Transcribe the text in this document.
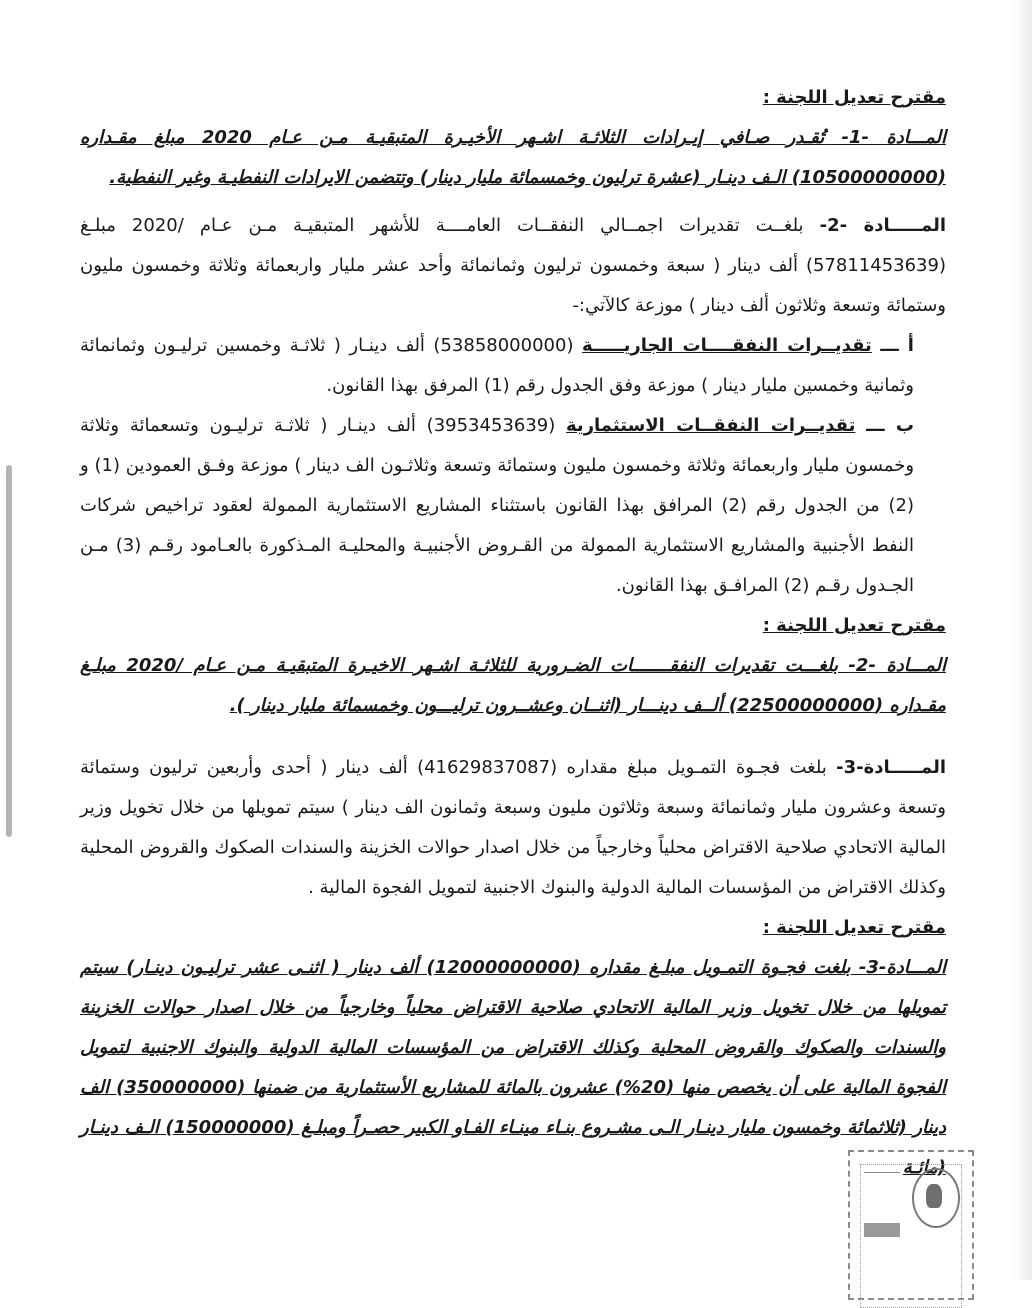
مقترح تعديل اللجنة :

المـــادة -1- تُقـدر صـافي إيـرادات الثلاثـة اشـهر الأخيـرة المتبقيـة مـن عـام 2020 مبلغ مقـداره (10500000000) الـف دينـار (عشرة ترليون وخمسمائة مليار دينار) وتتضمن الايرادات النفطيـة وغير النفطية.

المـــــادة -2- بلغــت تقديرات اجمــالي النفقــات العامــــة للأشهر المتبقيـة مـن عـام /2020 مبلـغ (57811453639) ألف دينار ( سبعة وخمسون ترليون وثمانمائة وأحد عشر مليار واربعمائة وثلاثة وخمسون مليون وستمائة وتسعة وثلاثون ألف دينار ) موزعة كالآتي:-

أ ـــ تقديــرات النفقــــات الجاريـــــة (53858000000) ألف دينـار ( ثلاثـة وخمسين ترليـون وثمانمائة وثمانية وخمسين مليار دينار ) موزعة وفق الجدول رقم (1) المرفق بهذا القانون.

ب ـــ تقديــرات النفقــات الاستثمارية (3953453639) ألف دينـار ( ثلاثـة ترليـون وتسعمائة وثلاثة وخمسون مليار واربعمائة وثلاثة وخمسون مليون وستمائة وتسعة وثلاثـون الف دينار ) موزعة وفـق العمودين (1) و (2) من الجدول رقم (2) المرافق بهذا القانون باستثناء المشاريع الاستثمارية الممولة لعقود تراخيص شركات النفط الأجنبية والمشاريع الاستثمارية الممولة من القـروض الأجنبيـة والمحليـة المـذكورة بالعـامود رقـم (3) مـن الجـدول رقـم (2) المرافـق بهذا القانون.

مقترح تعديل اللجنة :

المـــادة -2- بلغـــت تقديرات النفقـــــــات الضـرورية للثلاثـة اشـهر الاخيـرة المتبقيـة مـن عـام /2020 مبلـغ مقـداره (22500000000) ألــف دينـــار (اثنــان وعشــرون ترليـــون وخمسمائة مليار دينار ).

المـــــادة-3- بلغت فجـوة التمـويل مبلغ مقداره (41629837087) ألف دينار ( أحدى وأربعين ترليون وستمائة وتسعة وعشرون مليار وثمانمائة وسبعة وثلاثون مليون وسبعة وثمانون الف دينار ) سيتم تمويلها من خلال تخويل وزير المالية الاتحادي صلاحية الاقتراض محلياً وخارجياً من خلال اصدار حوالات الخزينة والسندات الصكوك والقروض المحلية وكذلك الاقتراض من المؤسسات المالية الدولية والبنوك الاجنبية لتمويل الفجوة المالية .

مقترح تعديل اللجنة :

المـــادة-3- بلغت فجـوة التمـويل مبلـغ مقداره (12000000000) ألف دينار ( اثنـى عشر ترليـون دينـار) سيتم تمويلها من خلال تخويل وزير المالية الاتحادي صلاحية الاقتراض محلياً وخارجياً من خلال اصدار حوالات الخزينة والسندات والصكوك والقروض المحلية وكذلك الاقتراض من المؤسسات المالية الدولية والبنوك الاجنبية لتمويل الفجوة المالية على أن يخصص منها (20%) عشرون بالمائة للمشاريع الأستثمارية من ضمنها (350000000) الف دينار (ثلاثمائة وخمسون مليار دينـار الـى مشـروع بنـاء مينـاء الفـاو الكبير حصـراً ومبلـغ (150000000) الـف دينـار (مائـة
